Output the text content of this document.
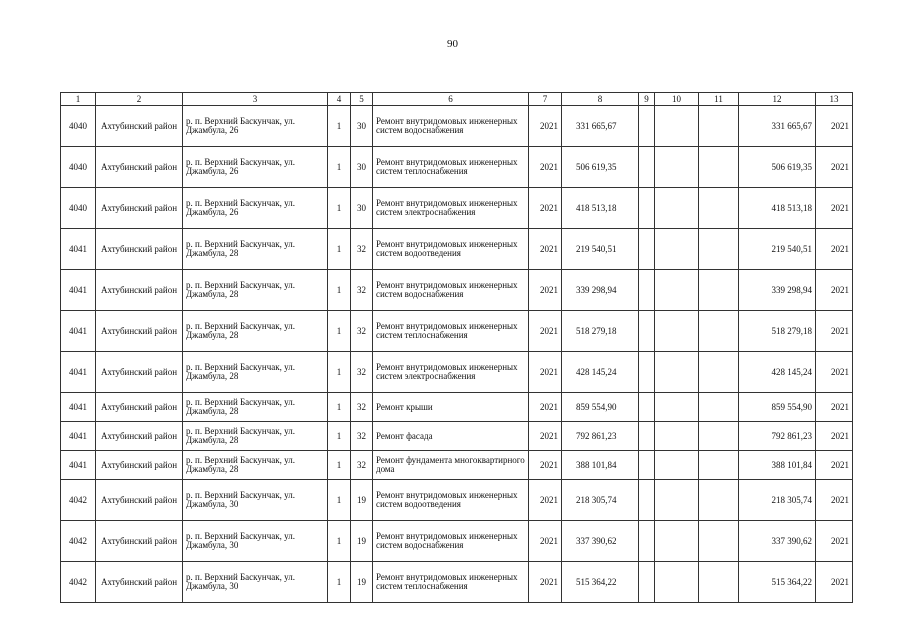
90
1	2	3	4	5	6	7	8	9	10	11	12	13
4040	Ахтубинский район	р. п. Верхний Баскунчак, ул. Джамбула, 26	1	30	Ремонт внутридомовых инженерных систем водоснабжения	2021	331 665,67				331 665,67	2021
4040	Ахтубинский район	р. п. Верхний Баскунчак, ул. Джамбула, 26	1	30	Ремонт внутридомовых инженерных систем теплоснабжения	2021	506 619,35				506 619,35	2021
4040	Ахтубинский район	р. п. Верхний Баскунчак, ул. Джамбула, 26	1	30	Ремонт внутридомовых инженерных систем электроснабжения	2021	418 513,18				418 513,18	2021
4041	Ахтубинский район	р. п. Верхний Баскунчак, ул. Джамбула, 28	1	32	Ремонт внутридомовых инженерных систем водоотведения	2021	219 540,51				219 540,51	2021
4041	Ахтубинский район	р. п. Верхний Баскунчак, ул. Джамбула, 28	1	32	Ремонт внутридомовых инженерных систем водоснабжения	2021	339 298,94				339 298,94	2021
4041	Ахтубинский район	р. п. Верхний Баскунчак, ул. Джамбула, 28	1	32	Ремонт внутридомовых инженерных систем теплоснабжения	2021	518 279,18				518 279,18	2021
4041	Ахтубинский район	р. п. Верхний Баскунчак, ул. Джамбула, 28	1	32	Ремонт внутридомовых инженерных систем электроснабжения	2021	428 145,24				428 145,24	2021
4041	Ахтубинский район	р. п. Верхний Баскунчак, ул. Джамбула, 28	1	32	Ремонт крыши	2021	859 554,90				859 554,90	2021
4041	Ахтубинский район	р. п. Верхний Баскунчак, ул. Джамбула, 28	1	32	Ремонт фасада	2021	792 861,23				792 861,23	2021
4041	Ахтубинский район	р. п. Верхний Баскунчак, ул. Джамбула, 28	1	32	Ремонт фундамента многоквартирного дома	2021	388 101,84				388 101,84	2021
4042	Ахтубинский район	р. п. Верхний Баскунчак, ул. Джамбула, 30	1	19	Ремонт внутридомовых инженерных систем водоотведения	2021	218 305,74				218 305,74	2021
4042	Ахтубинский район	р. п. Верхний Баскунчак, ул. Джамбула, 30	1	19	Ремонт внутридомовых инженерных систем водоснабжения	2021	337 390,62				337 390,62	2021
4042	Ахтубинский район	р. п. Верхний Баскунчак, ул. Джамбула, 30	1	19	Ремонт внутридомовых инженерных систем теплоснабжения	2021	515 364,22				515 364,22	2021
